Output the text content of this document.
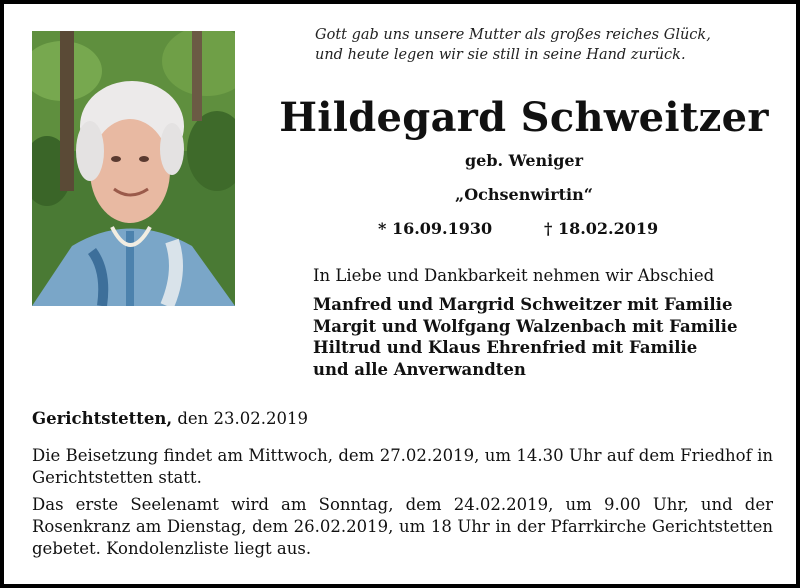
Gott gab uns unsere Mutter als großes reiches Glück,
und heute legen wir sie still in seine Hand zurück.
Hildegard Schweitzer
geb. Weniger
„Ochsenwirtin“
* 16.09.1930	† 18.02.2019
In Liebe und Dankbarkeit nehmen wir Abschied
Manfred und Margrid Schweitzer mit Familie
Margit und Wolfgang Walzenbach mit Familie
Hiltrud und Klaus Ehrenfried mit Familie
und alle Anverwandten
Gerichtstetten, den 23.02.2019
Die Beisetzung findet am Mittwoch, dem 27.02.2019, um 14.30 Uhr auf dem Friedhof in Gerichtstetten statt.
Das erste Seelenamt wird am Sonntag, dem 24.02.2019, um 9.00 Uhr, und der Rosenkranz am Dienstag, dem 26.02.2019, um 18 Uhr in der Pfarrkirche Gerichtstetten gebetet. Kondolenzliste liegt aus.
